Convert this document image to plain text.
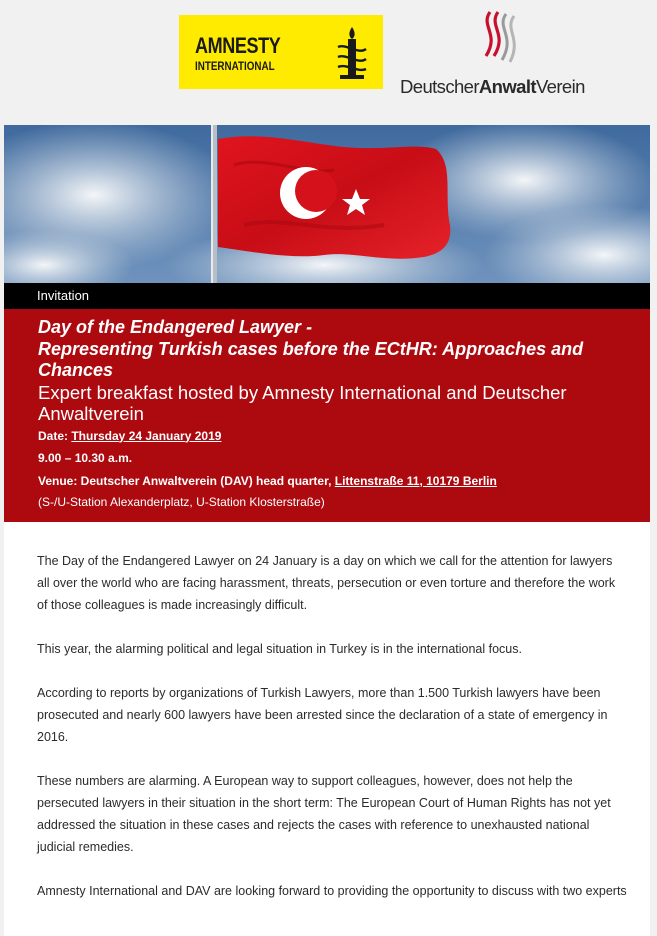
AMNESTY
INTERNATIONAL
DeutscherAnwaltVerein
Invitation

Day of the Endangered Lawyer -
Representing Turkish cases before the ECtHR: Approaches and Chances

Expert breakfast hosted by Amnesty International and Deutscher Anwaltverein

Date: Thursday 24 January 2019
9.00 – 10.30 a.m.
Venue: Deutscher Anwaltverein (DAV) head quarter, Littenstraße 11, 10179 Berlin
(S-/U-Station Alexanderplatz, U-Station Klosterstraße)

The Day of the Endangered Lawyer on 24 January is a day on which we call for the attention for lawyers all over the world who are facing harassment, threats, persecution or even torture and therefore the work of those colleagues is made increasingly difficult.

This year, the alarming political and legal situation in Turkey is in the international focus.

According to reports by organizations of Turkish Lawyers, more than 1.500 Turkish lawyers have been prosecuted and nearly 600 lawyers have been arrested since the declaration of a state of emergency in 2016.

These numbers are alarming. A European way to support colleagues, however, does not help the persecuted lawyers in their situation in the short term: The European Court of Human Rights has not yet addressed the situation in these cases and rejects the cases with reference to unexhausted national judicial remedies.

Amnesty International and DAV are looking forward to providing the opportunity to discuss with two experts
